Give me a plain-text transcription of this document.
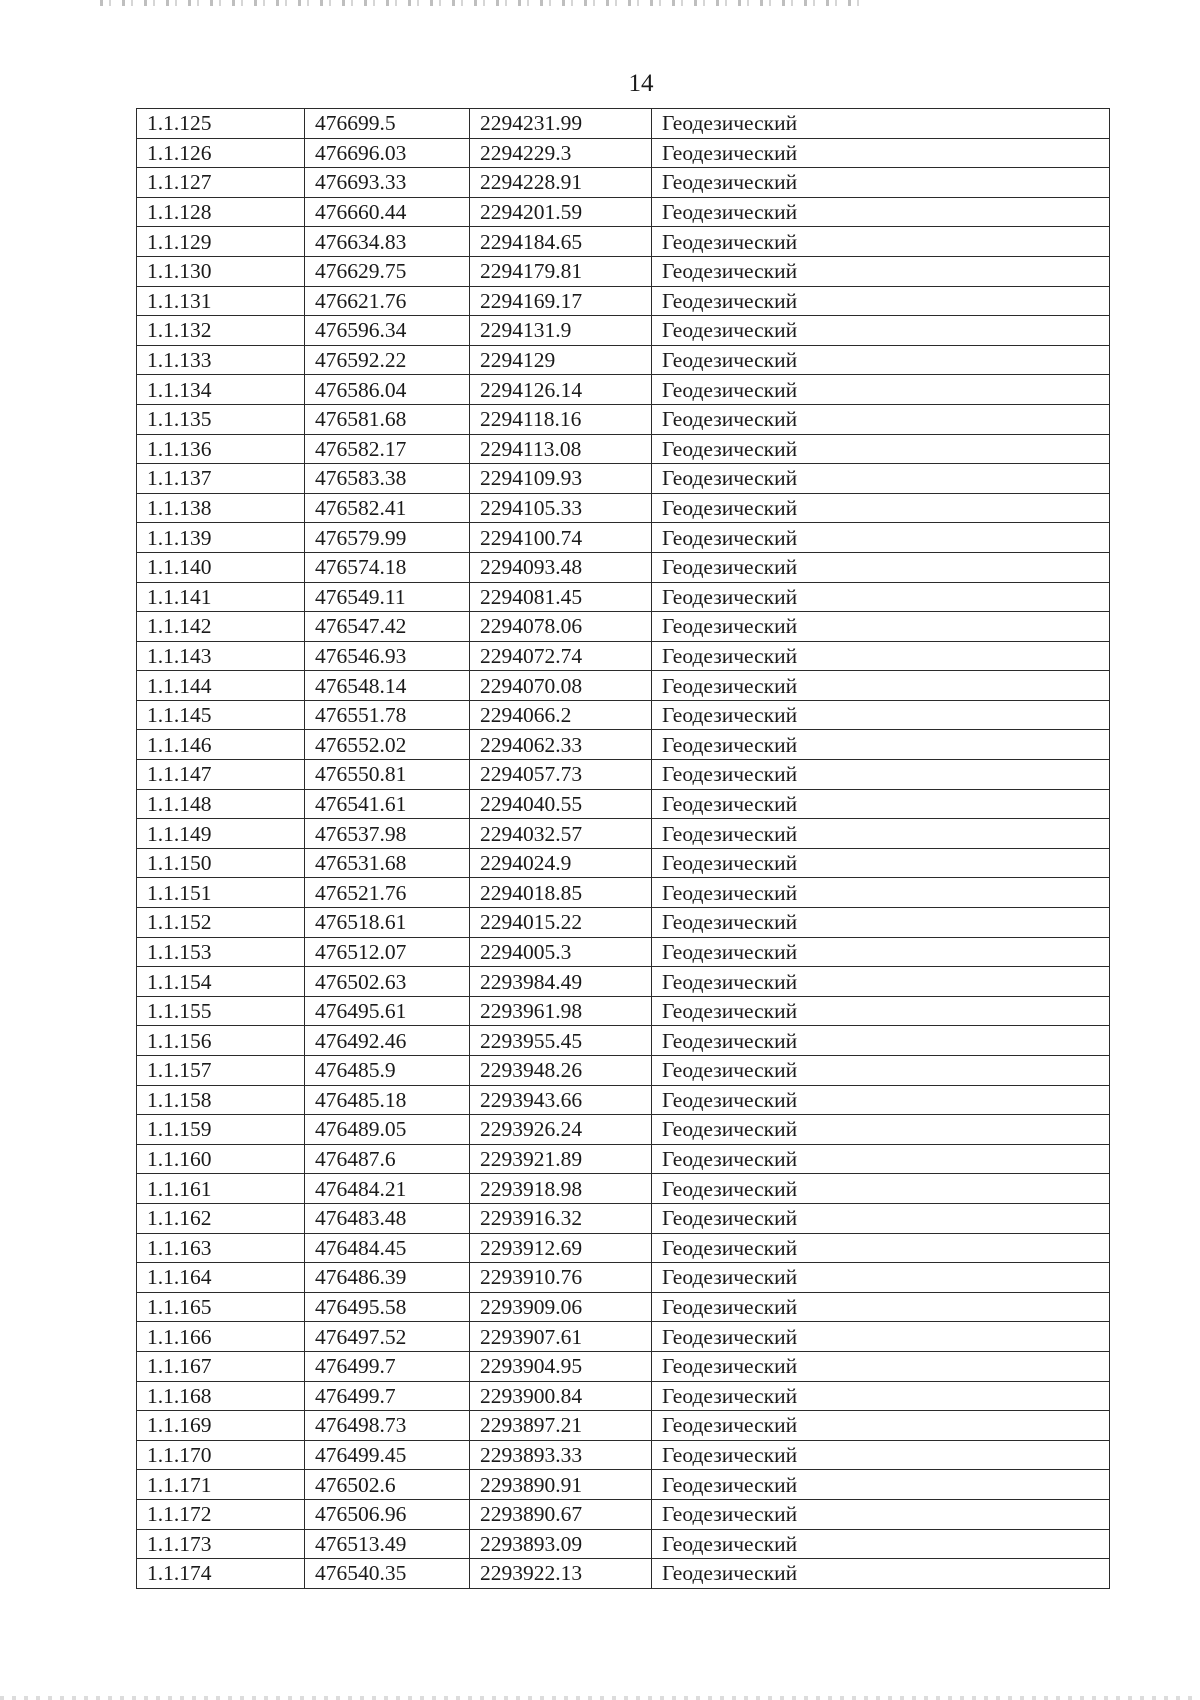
14
1.1.125	476699.5	2294231.99	Геодезический
1.1.126	476696.03	2294229.3	Геодезический
1.1.127	476693.33	2294228.91	Геодезический
1.1.128	476660.44	2294201.59	Геодезический
1.1.129	476634.83	2294184.65	Геодезический
1.1.130	476629.75	2294179.81	Геодезический
1.1.131	476621.76	2294169.17	Геодезический
1.1.132	476596.34	2294131.9	Геодезический
1.1.133	476592.22	2294129	Геодезический
1.1.134	476586.04	2294126.14	Геодезический
1.1.135	476581.68	2294118.16	Геодезический
1.1.136	476582.17	2294113.08	Геодезический
1.1.137	476583.38	2294109.93	Геодезический
1.1.138	476582.41	2294105.33	Геодезический
1.1.139	476579.99	2294100.74	Геодезический
1.1.140	476574.18	2294093.48	Геодезический
1.1.141	476549.11	2294081.45	Геодезический
1.1.142	476547.42	2294078.06	Геодезический
1.1.143	476546.93	2294072.74	Геодезический
1.1.144	476548.14	2294070.08	Геодезический
1.1.145	476551.78	2294066.2	Геодезический
1.1.146	476552.02	2294062.33	Геодезический
1.1.147	476550.81	2294057.73	Геодезический
1.1.148	476541.61	2294040.55	Геодезический
1.1.149	476537.98	2294032.57	Геодезический
1.1.150	476531.68	2294024.9	Геодезический
1.1.151	476521.76	2294018.85	Геодезический
1.1.152	476518.61	2294015.22	Геодезический
1.1.153	476512.07	2294005.3	Геодезический
1.1.154	476502.63	2293984.49	Геодезический
1.1.155	476495.61	2293961.98	Геодезический
1.1.156	476492.46	2293955.45	Геодезический
1.1.157	476485.9	2293948.26	Геодезический
1.1.158	476485.18	2293943.66	Геодезический
1.1.159	476489.05	2293926.24	Геодезический
1.1.160	476487.6	2293921.89	Геодезический
1.1.161	476484.21	2293918.98	Геодезический
1.1.162	476483.48	2293916.32	Геодезический
1.1.163	476484.45	2293912.69	Геодезический
1.1.164	476486.39	2293910.76	Геодезический
1.1.165	476495.58	2293909.06	Геодезический
1.1.166	476497.52	2293907.61	Геодезический
1.1.167	476499.7	2293904.95	Геодезический
1.1.168	476499.7	2293900.84	Геодезический
1.1.169	476498.73	2293897.21	Геодезический
1.1.170	476499.45	2293893.33	Геодезический
1.1.171	476502.6	2293890.91	Геодезический
1.1.172	476506.96	2293890.67	Геодезический
1.1.173	476513.49	2293893.09	Геодезический
1.1.174	476540.35	2293922.13	Геодезический
